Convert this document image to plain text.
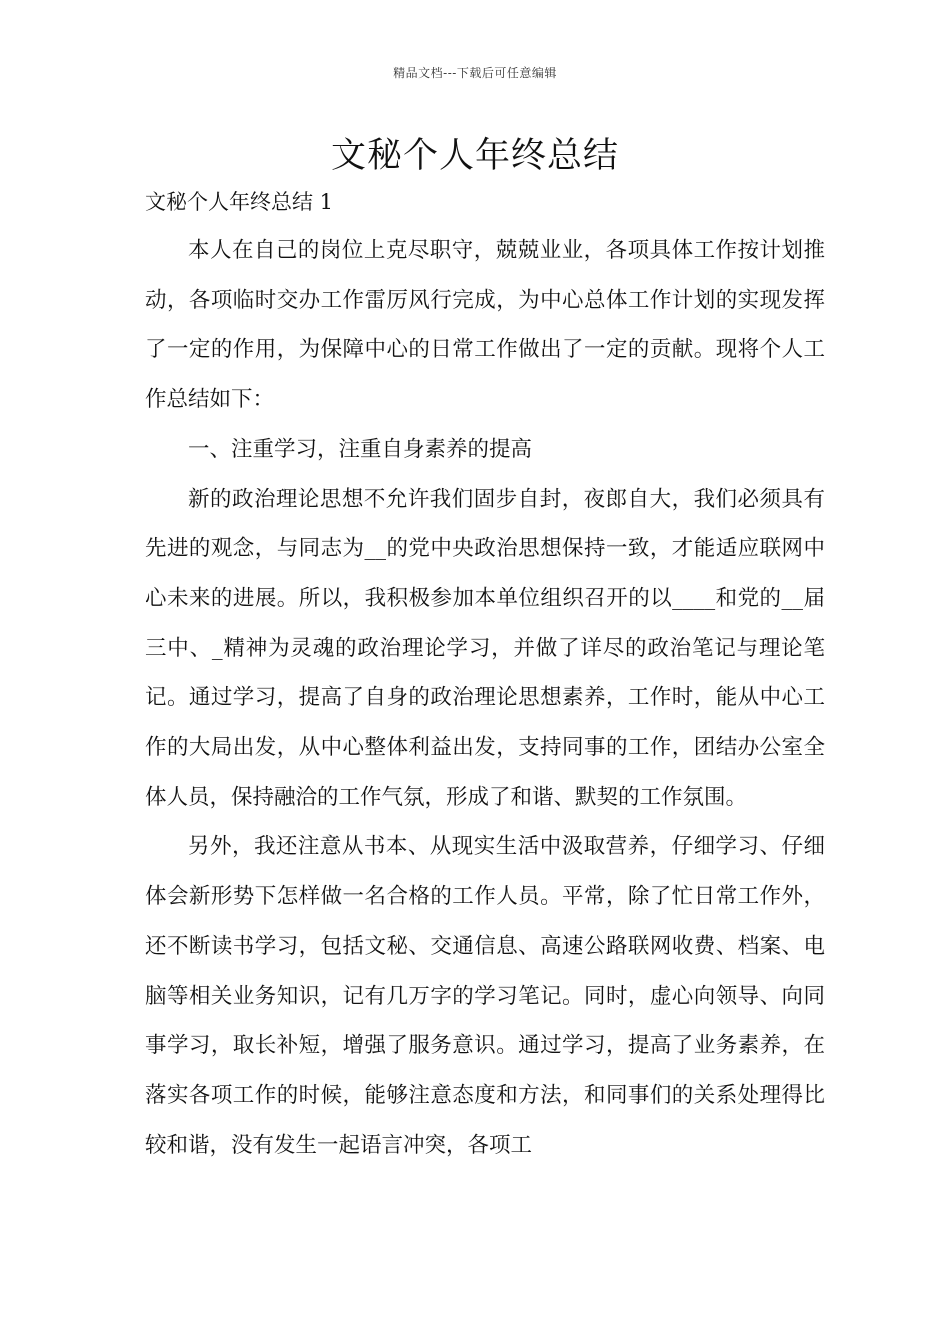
精品文档---下载后可任意编辑
文秘个人年终总结

文秘个人年终总结 1

本人在自己的岗位上克尽职守，兢兢业业，各项具体工作按计划推动，各项临时交办工作雷厉风行完成，为中心总体工作计划的实现发挥了一定的作用，为保障中心的日常工作做出了一定的贡献。现将个人工作总结如下：

一、注重学习，注重自身素养的提高

新的政治理论思想不允许我们固步自封，夜郎自大，我们必须具有先进的观念，与同志为__的党中央政治思想保持一致，才能适应联网中心未来的进展。所以，我积极参加本单位组织召开的以____和党的__届三中、_精神为灵魂的政治理论学习，并做了详尽的政治笔记与理论笔记。通过学习，提高了自身的政治理论思想素养，工作时，能从中心工作的大局出发，从中心整体利益出发，支持同事的工作，团结办公室全体人员，保持融洽的工作气氛，形成了和谐、默契的工作氛围。

另外，我还注意从书本、从现实生活中汲取营养，仔细学习、仔细体会新形势下怎样做一名合格的工作人员。平常，除了忙日常工作外，还不断读书学习，包括文秘、交通信息、高速公路联网收费、档案、电脑等相关业务知识，记有几万字的学习笔记。同时，虚心向领导、向同事学习，取长补短，增强了服务意识。通过学习，提高了业务素养，在落实各项工作的时候，能够注意态度和方法，和同事们的关系处理得比较和谐，没有发生一起语言冲突，各项工
